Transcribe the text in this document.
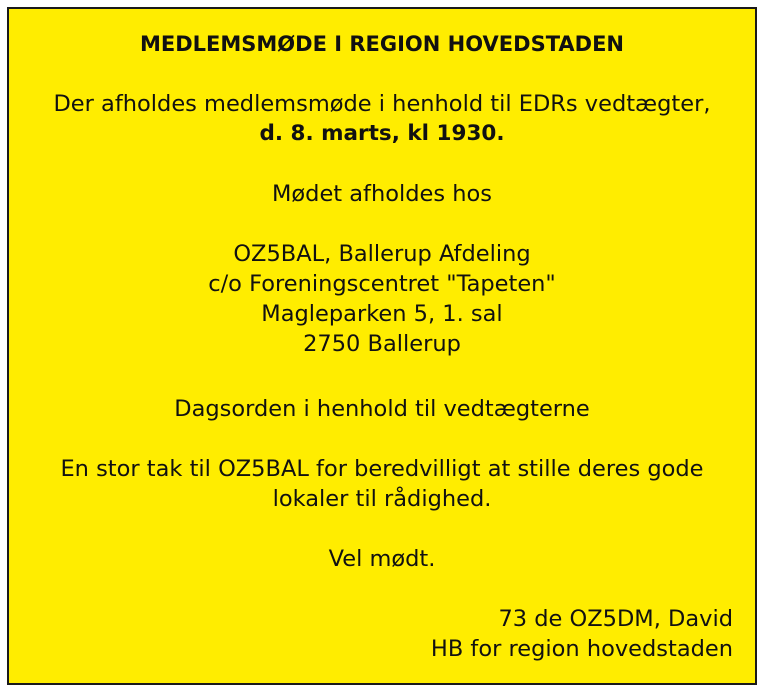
MEDLEMSMØDE I REGION HOVEDSTADEN
Der afholdes medlemsmøde i henhold til EDRs vedtægter,
d. 8. marts, kl 1930.
Mødet afholdes hos
OZ5BAL, Ballerup Afdeling
c/o Foreningscentret "Tapeten"
Magleparken 5, 1. sal
2750 Ballerup
Dagsorden i henhold til vedtægterne
En stor tak til OZ5BAL for beredvilligt at stille deres gode
lokaler til rådighed.
Vel mødt.
73 de OZ5DM, David
HB for region hovedstaden
